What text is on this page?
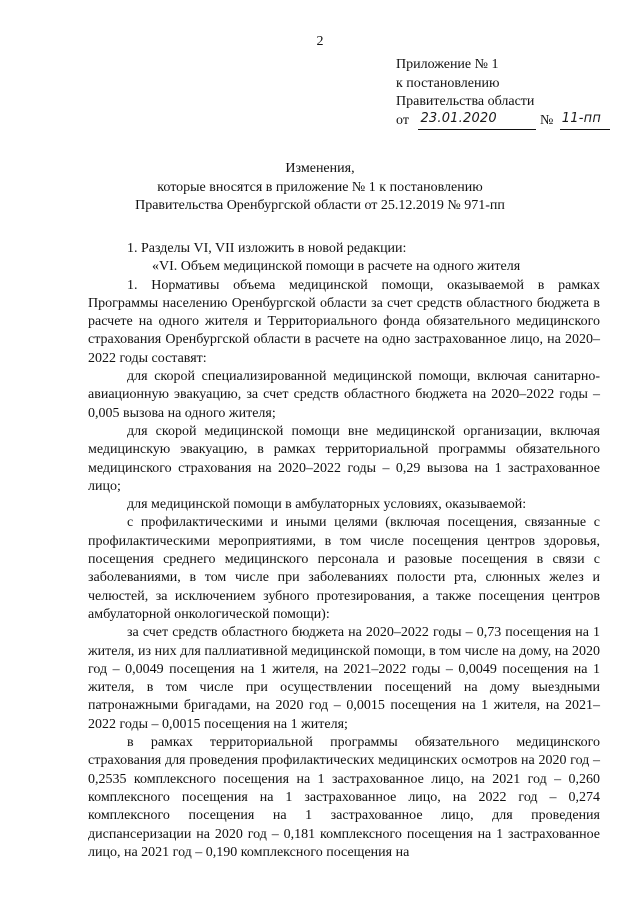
2
Приложение № 1
к постановлению
Правительства области
от 23.01.2020	№ 11-пп
Изменения,
которые вносятся в приложение № 1 к постановлению
Правительства Оренбургской области от 25.12.2019 № 971-пп

1. Разделы VI, VII изложить в новой редакции:

«VI. Объем медицинской помощи в расчете на одного жителя

1. Нормативы объема медицинской помощи, оказываемой в рамках Программы населению Оренбургской области за счет средств областного бюджета в расчете на одного жителя и Территориального фонда обязательного медицинского страхования Оренбургской области в расчете на одно застрахованное лицо, на 2020–2022 годы составят:

для скорой специализированной медицинской помощи, включая санитарно-авиационную эвакуацию, за счет средств областного бюджета на 2020–2022 годы – 0,005 вызова на одного жителя;

для скорой медицинской помощи вне медицинской организации, включая медицинскую эвакуацию, в рамках территориальной программы обязательного медицинского страхования на 2020–2022 годы – 0,29 вызова на 1 застрахованное лицо;

для медицинской помощи в амбулаторных условиях, оказываемой:

с профилактическими и иными целями (включая посещения, связанные с профилактическими мероприятиями, в том числе посещения центров здоровья, посещения среднего медицинского персонала и разовые посещения в связи с заболеваниями, в том числе при заболеваниях полости рта, слюнных желез и челюстей, за исключением зубного протезирования, а также посещения центров амбулаторной онкологической помощи):

за счет средств областного бюджета на 2020–2022 годы – 0,73 посещения на 1 жителя, из них для паллиативной медицинской помощи, в том числе на дому, на 2020 год – 0,0049 посещения на 1 жителя, на 2021–2022 годы – 0,0049 посещения на 1 жителя, в том числе при осуществлении посещений на дому выездными патронажными бригадами, на 2020 год – 0,0015 посещения на 1 жителя, на 2021–2022 годы – 0,0015 посещения на 1 жителя;

в рамках территориальной программы обязательного медицинского страхования для проведения профилактических медицинских осмотров на 2020 год – 0,2535 комплексного посещения на 1 застрахованное лицо, на 2021 год – 0,260 комплексного посещения на 1 застрахованное лицо, на 2022 год – 0,274 комплексного посещения на 1 застрахованное лицо, для проведения диспансеризации на 2020 год – 0,181 комплексного посещения на 1 застрахованное лицо, на 2021 год – 0,190 комплексного посещения на
